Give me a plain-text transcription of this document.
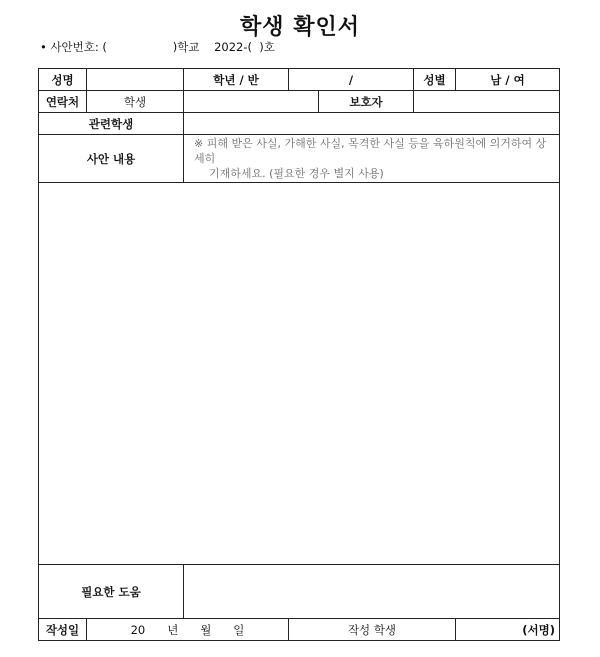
학생 확인서
• 사안번호: (	)학교 2022-( )호
성명		학년 / 반	/		성별	남 / 여
연락처	학생			보호자		
관련학생						
사안 내용		※ 피해 받은 사실, 가해한 사실, 목격한 사실 등을 육하원칙에 의거하여 상세히
기재하세요. (필요한 경우 별지 사용)				

필요한 도움						
작성일	20 년 월 일		작성 학생			(서명)
